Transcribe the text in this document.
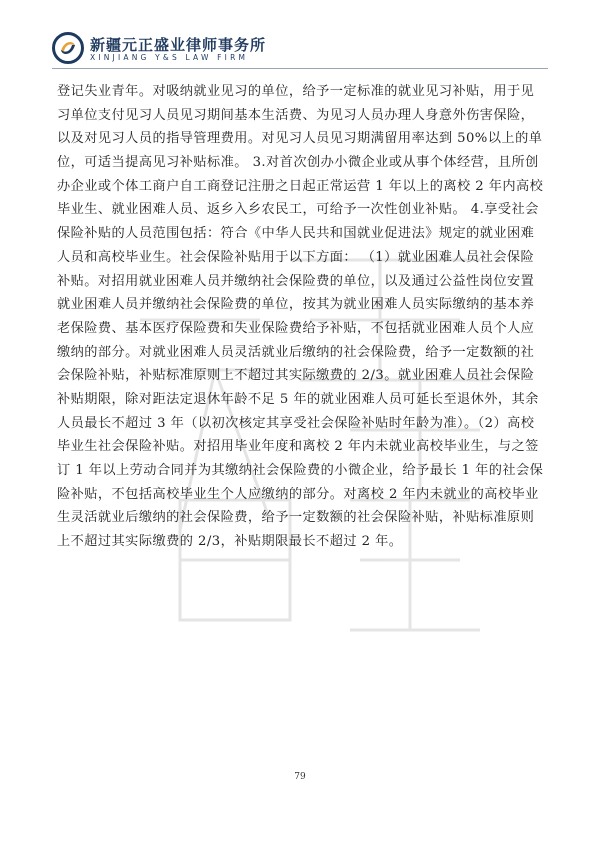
新疆元正盛业律师事务所
XINJIANG Y&S LAW FIRM
登记失业青年。对吸纳就业见习的单位，给予一定标准的就业见习补贴，用于见
习单位支付见习人员见习期间基本生活费、为见习人员办理人身意外伤害保险，
以及对见习人员的指导管理费用。对见习人员见习期满留用率达到 50%以上的单
位，可适当提高见习补贴标准。 3.对首次创办小微企业或从事个体经营，且所创
办企业或个体工商户自工商登记注册之日起正常运营 1 年以上的离校 2 年内高校
毕业生、就业困难人员、返乡入乡农民工，可给予一次性创业补贴。 4.享受社会
保险补贴的人员范围包括：符合《中华人民共和国就业促进法》规定的就业困难
人员和高校毕业生。社会保险补贴用于以下方面： （1）就业困难人员社会保险
补贴。对招用就业困难人员并缴纳社会保险费的单位，以及通过公益性岗位安置
就业困难人员并缴纳社会保险费的单位，按其为就业困难人员实际缴纳的基本养
老保险费、基本医疗保险费和失业保险费给予补贴，不包括就业困难人员个人应
缴纳的部分。对就业困难人员灵活就业后缴纳的社会保险费，给予一定数额的社
会保险补贴，补贴标准原则上不超过其实际缴费的 2/3。就业困难人员社会保险
补贴期限，除对距法定退休年龄不足 5 年的就业困难人员可延长至退休外，其余
人员最长不超过 3 年（以初次核定其享受社会保险补贴时年龄为准）。（2）高校
毕业生社会保险补贴。对招用毕业年度和离校 2 年内未就业高校毕业生，与之签
订 1 年以上劳动合同并为其缴纳社会保险费的小微企业，给予最长 1 年的社会保
险补贴，不包括高校毕业生个人应缴纳的部分。对离校 2 年内未就业的高校毕业
生灵活就业后缴纳的社会保险费，给予一定数额的社会保险补贴，补贴标准原则
上不超过其实际缴费的 2/3，补贴期限最长不超过 2 年。
79
